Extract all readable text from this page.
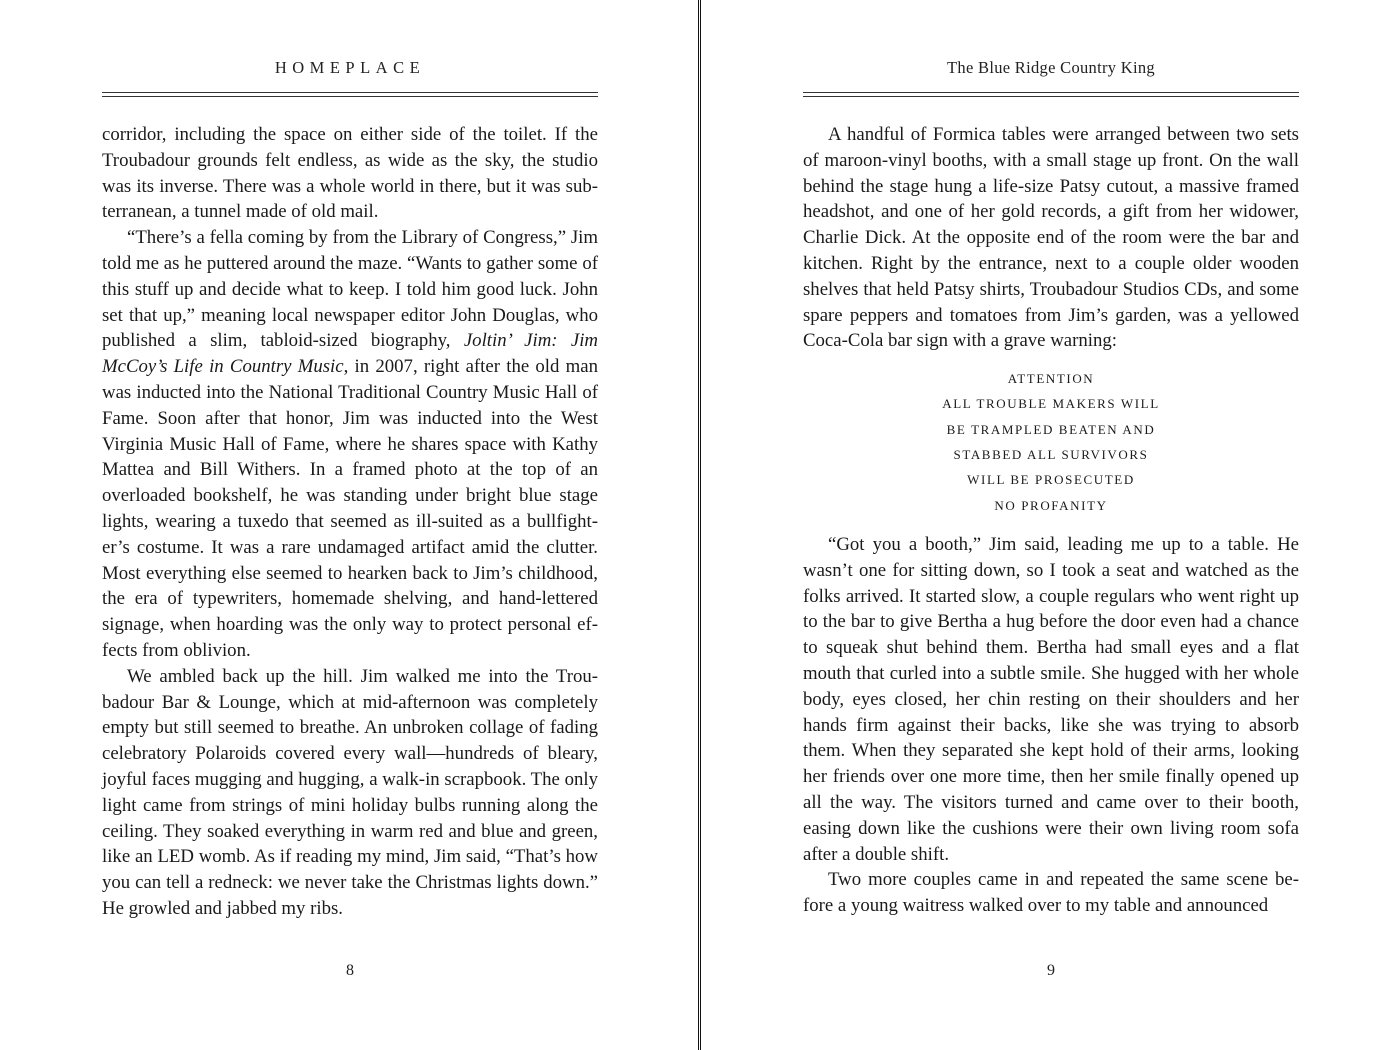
HOMEPLACE

corridor, including the space on either side of the toilet. If the Troubadour grounds felt endless, as wide as the sky, the studio was its inverse. There was a whole world in there, but it was subterranean, a tunnel made of old mail.

“There’s a fella coming by from the Library of Congress,” Jim told me as he puttered around the maze. “Wants to gather some of this stuff up and decide what to keep. I told him good luck. John set that up,” meaning local newspaper editor John Douglas, who published a slim, tabloid-sized biography, Joltin’ Jim: Jim McCoy’s Life in Country Music, in 2007, right after the old man was inducted into the National Traditional Country Music Hall of Fame. Soon after that honor, Jim was inducted into the West Virginia Music Hall of Fame, where he shares space with Kathy Mattea and Bill Withers. In a framed photo at the top of an overloaded bookshelf, he was standing under bright blue stage lights, wearing a tuxedo that seemed as ill-suited as a bullfighter’s costume. It was a rare undamaged artifact amid the clutter. Most everything else seemed to hearken back to Jim’s childhood, the era of typewriters, homemade shelving, and hand-lettered signage, when hoarding was the only way to protect personal effects from oblivion.

We ambled back up the hill. Jim walked me into the Troubadour Bar & Lounge, which at mid-afternoon was completely empty but still seemed to breathe. An unbroken collage of fading celebratory Polaroids covered every wall—hundreds of bleary, joyful faces mugging and hugging, a walk-in scrapbook. The only light came from strings of mini holiday bulbs running along the ceiling. They soaked everything in warm red and blue and green, like an LED womb. As if reading my mind, Jim said, “That’s how you can tell a redneck: we never take the Christmas lights down.” He growled and jabbed my ribs.

8
The Blue Ridge Country King

A handful of Formica tables were arranged between two sets of maroon-vinyl booths, with a small stage up front. On the wall behind the stage hung a life-size Patsy cutout, a massive framed headshot, and one of her gold records, a gift from her widower, Charlie Dick. At the opposite end of the room were the bar and kitchen. Right by the entrance, next to a couple older wooden shelves that held Patsy shirts, Troubadour Studios CDs, and some spare peppers and tomatoes from Jim’s garden, was a yellowed Coca-Cola bar sign with a grave warning:

ATTENTION
ALL TROUBLE MAKERS WILL
BE TRAMPLED BEATEN AND
STABBED ALL SURVIVORS
WILL BE PROSECUTED
NO PROFANITY

“Got you a booth,” Jim said, leading me up to a table. He wasn’t one for sitting down, so I took a seat and watched as the folks arrived. It started slow, a couple regulars who went right up to the bar to give Bertha a hug before the door even had a chance to squeak shut behind them. Bertha had small eyes and a flat mouth that curled into a subtle smile. She hugged with her whole body, eyes closed, her chin resting on their shoulders and her hands firm against their backs, like she was trying to absorb them. When they separated she kept hold of their arms, looking her friends over one more time, then her smile finally opened up all the way. The visitors turned and came over to their booth, easing down like the cushions were their own living room sofa after a double shift.

Two more couples came in and repeated the same scene before a young waitress walked over to my table and announced

9
